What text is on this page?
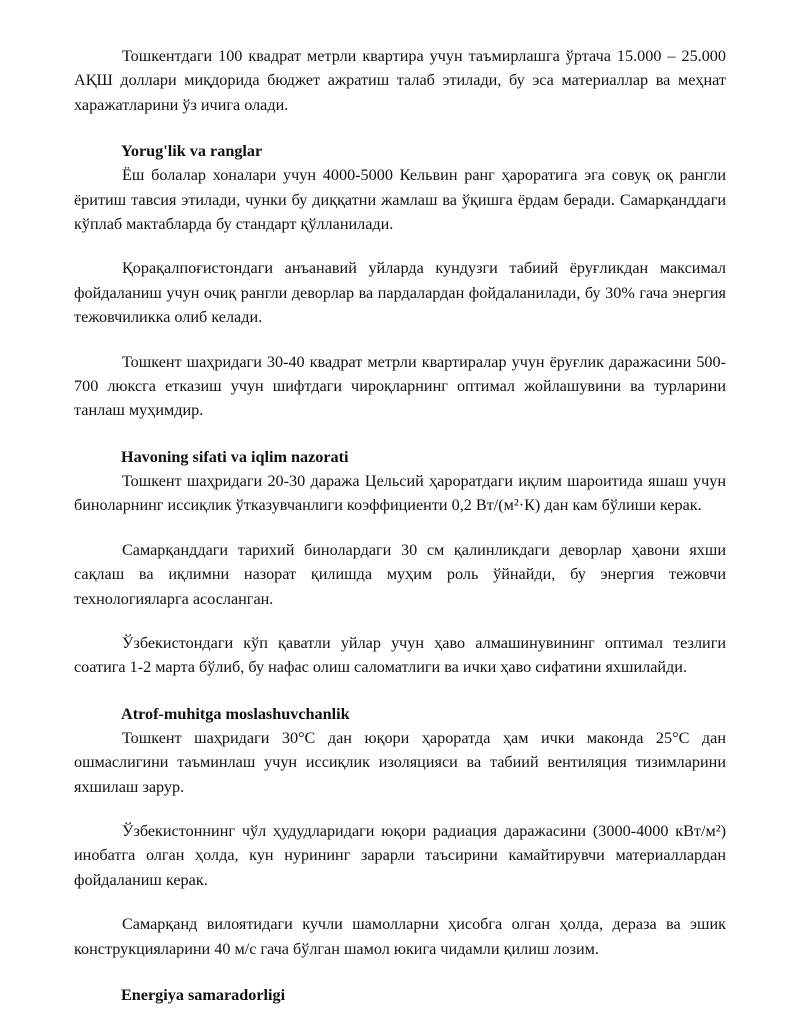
Тошкентдаги 100 квадрат метрли квартира учун таъмирлашга ўртача 15.000 – 25.000 АҚШ доллари миқдорида бюджет ажратиш талаб этилади, бу эса материаллар ва меҳнат харажатларини ўз ичига олади.

Yorug'lik va ranglar

Ёш болалар хоналари учун 4000-5000 Кельвин ранг ҳароратига эга совуқ оқ рангли ёритиш тавсия этилади, чунки бу диққатни жамлаш ва ўқишга ёрдам беради. Самарқанддаги кўплаб мактабларда бу стандарт қўлланилади.

Қорақалпоғистондаги анъанавий уйларда кундузги табиий ёруғликдан максимал фойдаланиш учун очиқ рангли деворлар ва пардалардан фойдаланилади, бу 30% гача энергия тежовчиликка олиб келади.

Тошкент шаҳридаги 30-40 квадрат метрли квартиралар учун ёруғлик даражасини 500-700 люксга етказиш учун шифтдаги чироқларнинг оптимал жойлашувини ва турларини танлаш муҳимдир.

Havoning sifati va iqlim nazorati

Тошкент шаҳридаги 20-30 даража Цельсий ҳароратдаги иқлим шароитида яшаш учун биноларнинг иссиқлик ўтказувчанлиги коэффициенти 0,2 Вт/(м²·К) дан кам бўлиши керак.

Самарқанддаги тарихий бинолардаги 30 см қалинликдаги деворлар ҳавони яхши сақлаш ва иқлимни назорат қилишда муҳим роль ўйнайди, бу энергия тежовчи технологияларга асосланган.

Ўзбекистондаги кўп қаватли уйлар учун ҳаво алмашинувининг оптимал тезлиги соатига 1-2 марта бўлиб, бу нафас олиш саломатлиги ва ички ҳаво сифатини яхшилайди.

Atrof-muhitga moslashuvchanlik

Тошкент шаҳридаги 30°С дан юқори ҳароратда ҳам ички маконда 25°С дан ошмаслигини таъминлаш учун иссиқлик изоляцияси ва табиий вентиляция тизимларини яхшилаш зарур.

Ўзбекистоннинг чўл ҳудудларидаги юқори радиация даражасини (3000-4000 кВт/м²) инобатга олган ҳолда, кун нурининг зарарли таъсирини камайтирувчи материаллардан фойдаланиш керак.

Самарқанд вилоятидаги кучли шамолларни ҳисобга олган ҳолда, дераза ва эшик конструкцияларини 40 м/с гача бўлган шамол юкига чидамли қилиш лозим.

Energiya samaradorligi
